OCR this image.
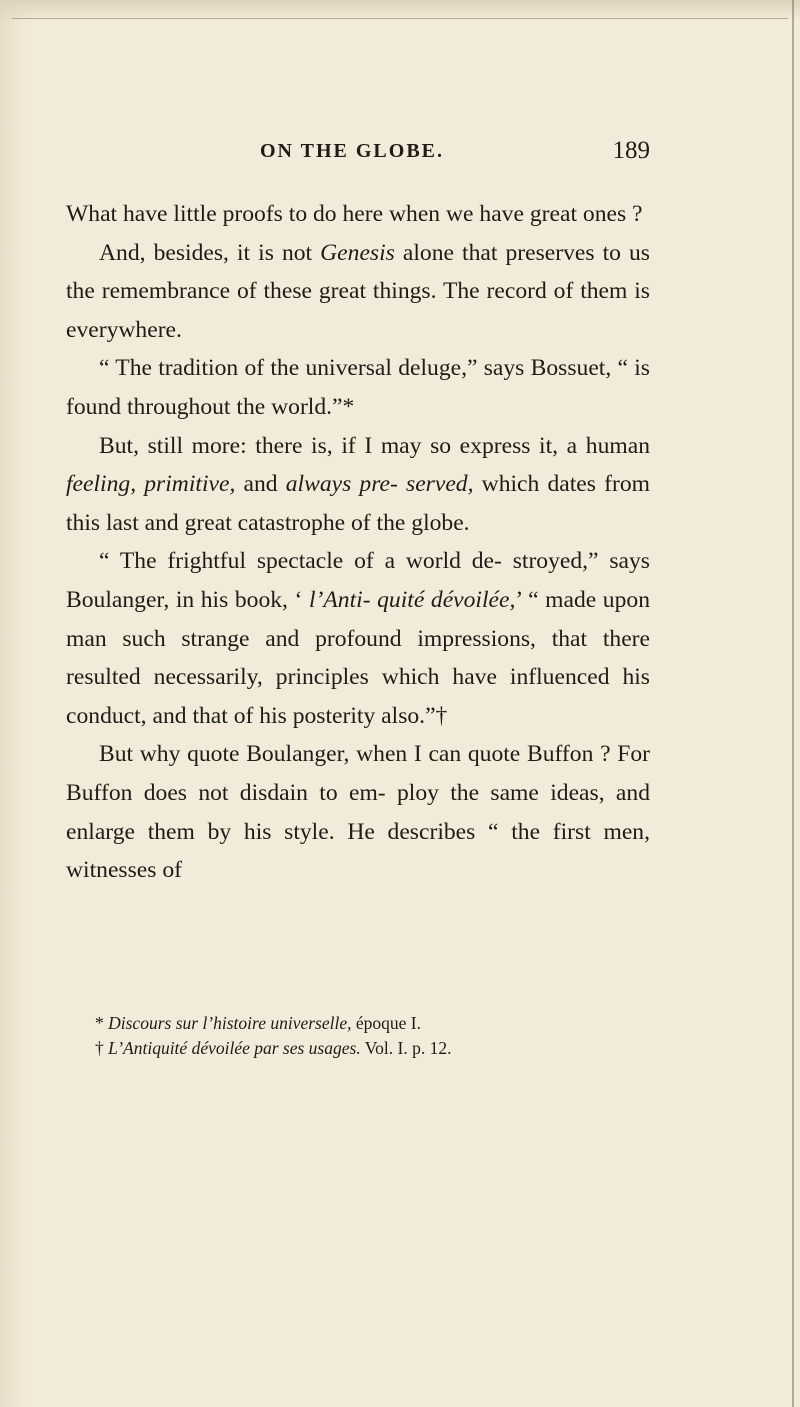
ON THE GLOBE.	189

What have little proofs to do here when we have great ones ?

And, besides, it is not Genesis alone that preserves to us the remembrance of these great things. The record of them is everywhere.

“ The tradition of the universal deluge,” says Bossuet, “ is found throughout the world.”*

But, still more: there is, if I may so express it, a human feeling, primitive, and always pre- served, which dates from this last and great catastrophe of the globe.

“ The frightful spectacle of a world de- stroyed,” says Boulanger, in his book, ‘ l’Anti- quité dévoilée,’ “ made upon man such strange and profound impressions, that there resulted necessarily, principles which have influenced his conduct, and that of his posterity also.”†

But why quote Boulanger, when I can quote Buffon ? For Buffon does not disdain to em- ploy the same ideas, and enlarge them by his style. He describes “ the first men, witnesses of

* Discours sur l’histoire universelle, époque I.

† L’Antiquité dévoilée par ses usages. Vol. I. p. 12.
